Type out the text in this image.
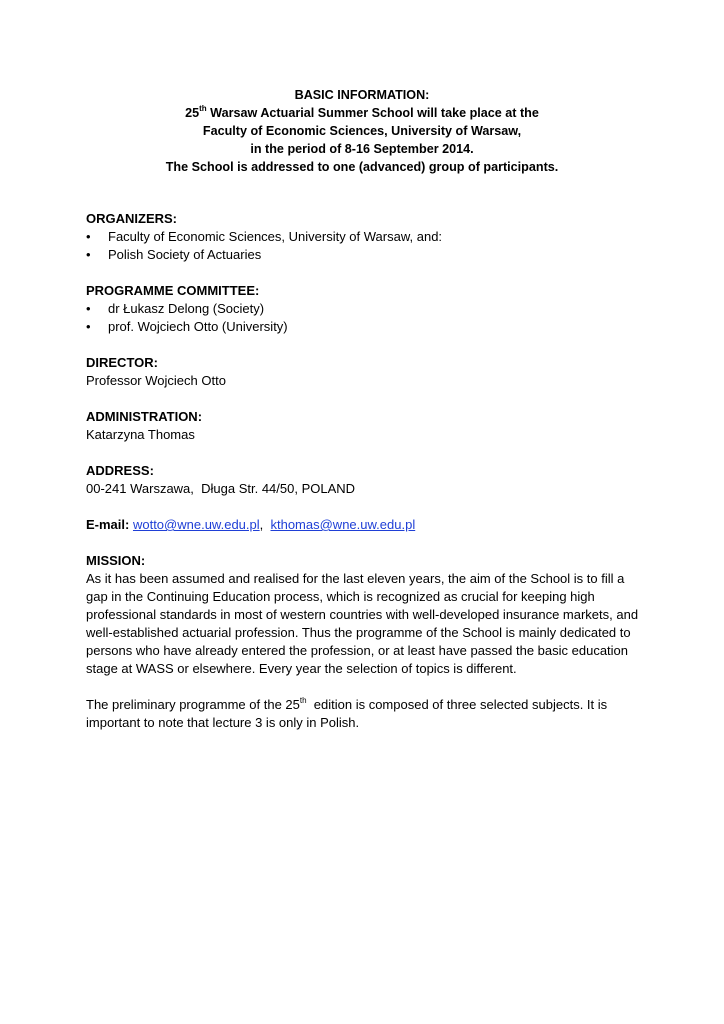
BASIC INFORMATION:
25th Warsaw Actuarial Summer School will take place at the
Faculty of Economic Sciences, University of Warsaw,
in the period of 8-16 September 2014.
The School is addressed to one (advanced) group of participants.
ORGANIZERS:
• Faculty of Economic Sciences, University of Warsaw, and:
• Polish Society of Actuaries
PROGRAMME COMMITTEE:
• dr Łukasz Delong (Society)
• prof. Wojciech Otto (University)
DIRECTOR:
Professor Wojciech Otto
ADMINISTRATION:
Katarzyna Thomas
ADDRESS:
00-241 Warszawa,  Długa Str. 44/50, POLAND
E-mail: wotto@wne.uw.edu.pl,  kthomas@wne.uw.edu.pl
MISSION:

As it has been assumed and realised for the last eleven years, the aim of the School is to fill a gap in the Continuing Education process, which is recognized as crucial for keeping high professional standards in most of western countries with well-developed insurance markets, and well-established actuarial profession. Thus the programme of the School is mainly dedicated to persons who have already entered the profession, or at least have passed the basic education stage at WASS or elsewhere. Every year the selection of topics is different.

The preliminary programme of the 25th  edition is composed of three selected subjects. It is important to note that lecture 3 is only in Polish.
